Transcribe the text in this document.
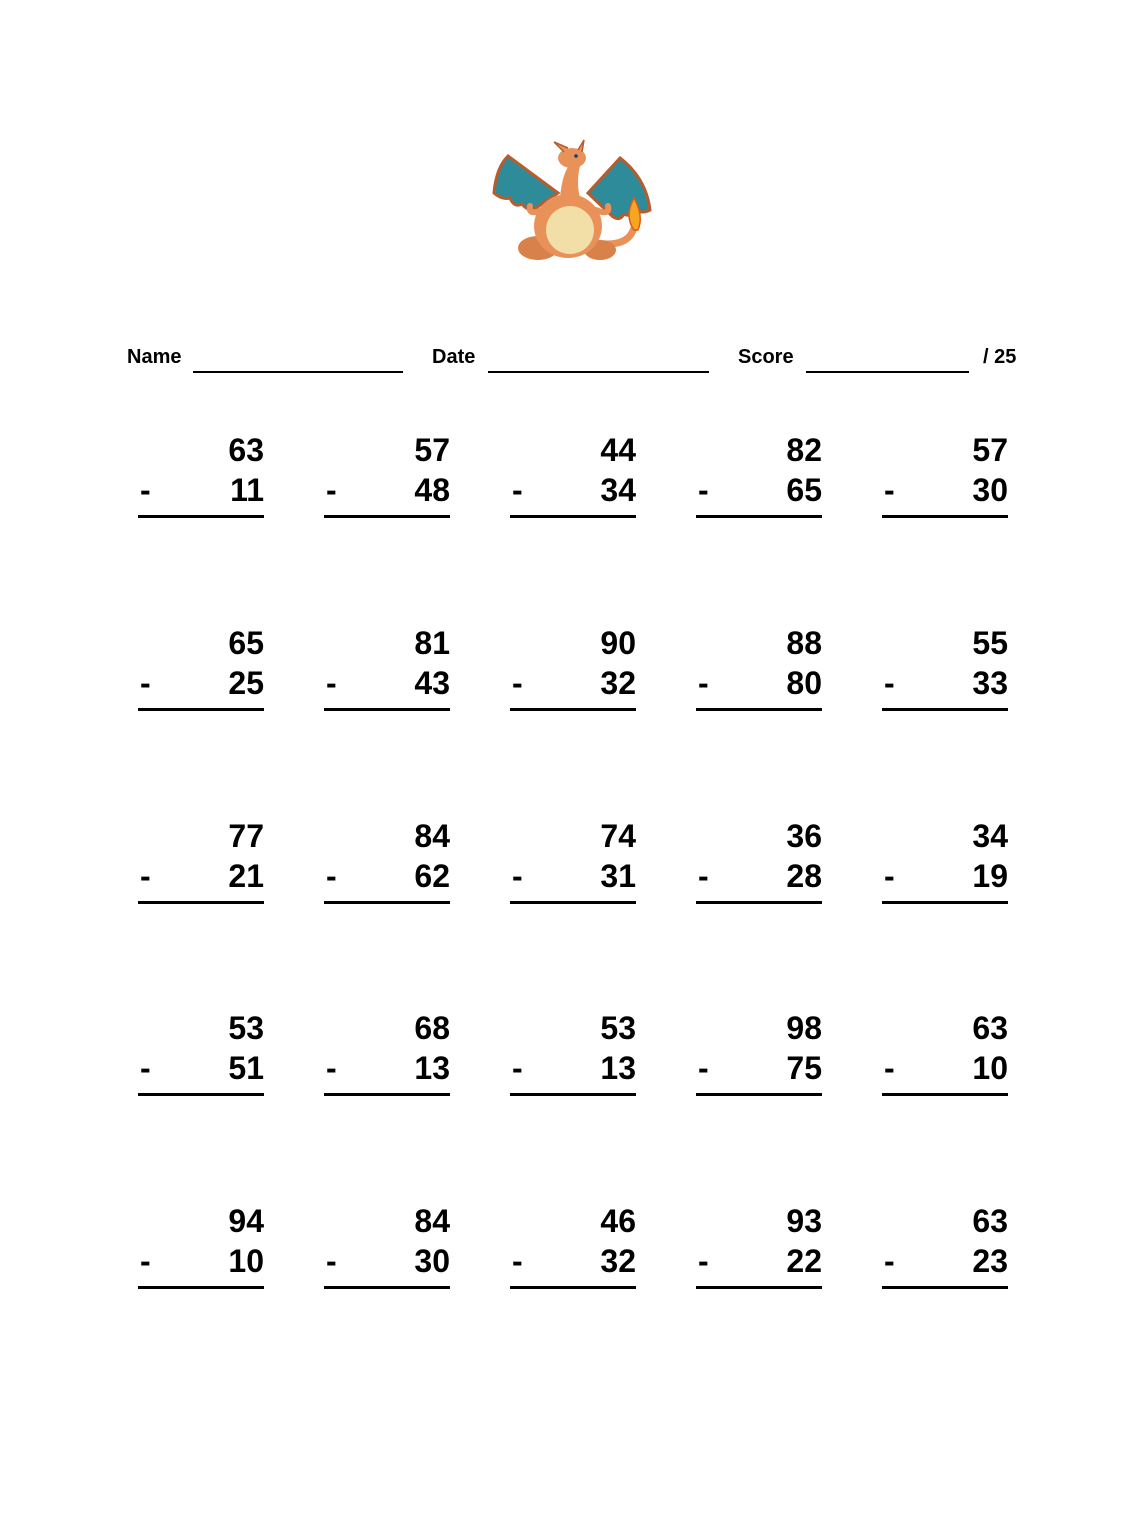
Name	Date	Score	/ 25
63
- 11
57
- 48
44
- 34
82
- 65
57
- 30
65
- 25
81
- 43
90
- 32
88
- 80
55
- 33
77
- 21
84
- 62
74
- 31
36
- 28
34
- 19
53
- 51
68
- 13
53
- 13
98
- 75
63
- 10
94
- 10
84
- 30
46
- 32
93
- 22
63
- 23
